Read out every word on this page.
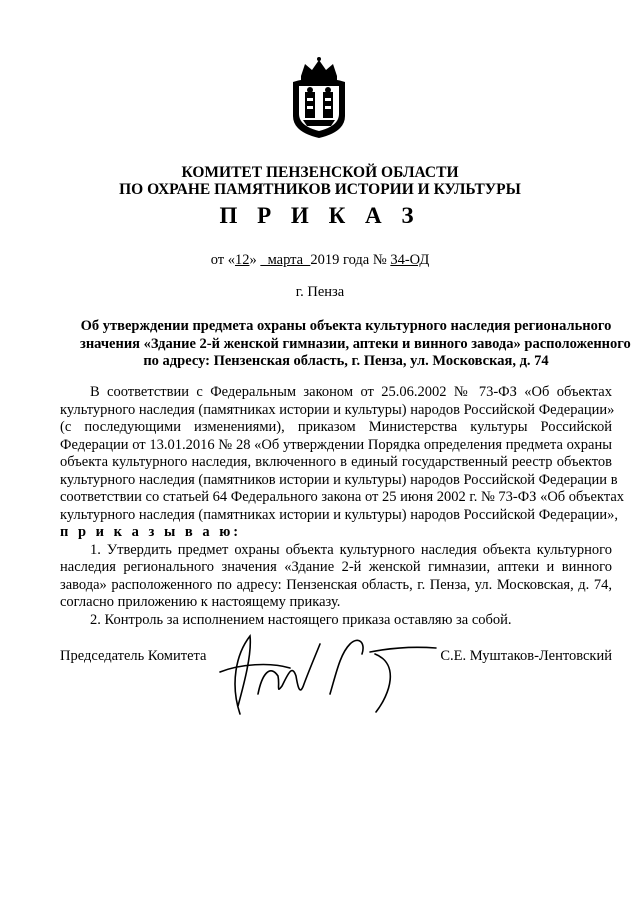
КОМИТЕТ ПЕНЗЕНСКОЙ ОБЛАСТИ
ПО ОХРАНЕ ПАМЯТНИКОВ ИСТОРИИ И КУЛЬТУРЫ
П Р И К А З
от «12»   марта  2019 года № 34-ОД
г. Пенза
Об утверждении предмета охраны объекта культурного наследия регионального
значения «Здание 2-й женской гимназии, аптеки и винного завода» расположенного
по адресу: Пензенская область, г. Пенза, ул. Московская, д. 74
В соответствии с Федеральным законом от 25.06.2002 № 73-ФЗ «Об объектах
культурного наследия (памятниках истории и культуры) народов Российской Федерации»
(с последующими изменениями), приказом Министерства культуры Российской
Федерации от 13.01.2016 № 28 «Об утверждении Порядка определения предмета охраны
объекта культурного наследия, включенного в единый государственный реестр объектов
культурного наследия (памятников истории и культуры) народов Российской Федерации в
соответствии со статьей 64 Федерального закона от 25 июня 2002 г. № 73-ФЗ «Об объектах
культурного наследия (памятниках истории и культуры) народов Российской Федерации»,
п р и к а з ы в а ю:
1. Утвердить предмет охраны объекта культурного наследия объекта культурного
наследия регионального значения «Здание 2-й женской гимназии, аптеки и винного
завода» расположенного по адресу: Пензенская область, г. Пенза, ул. Московская, д. 74,
согласно приложению к настоящему приказу.
2. Контроль за исполнением настоящего приказа оставляю за собой.
Председатель Комитета	С.Е. Муштаков-Лентовский
